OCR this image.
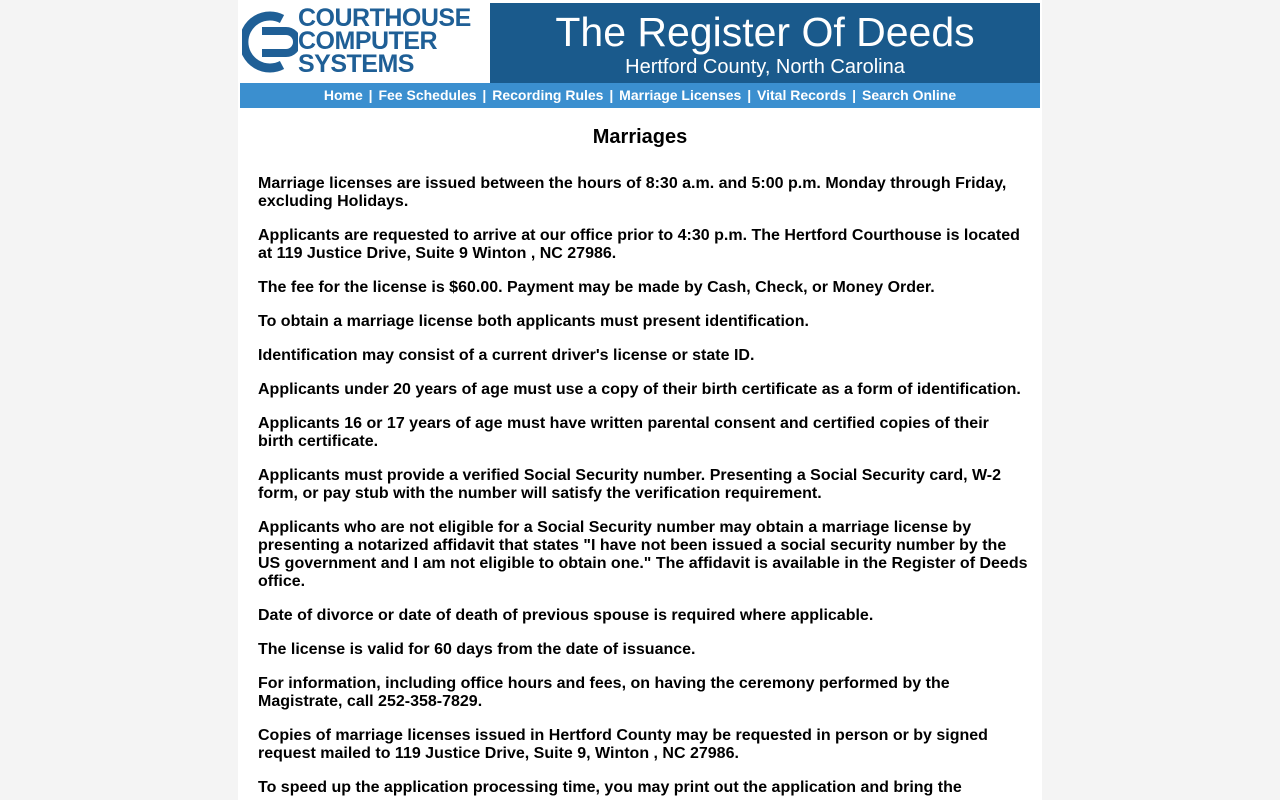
COURTHOUSE
COMPUTER
SYSTEMS
The Register Of Deeds
Hertford County, North Carolina
Home | Fee Schedules | Recording Rules | Marriage Licenses | Vital Records | Search Online
Marriages

Marriage licenses are issued between the hours of 8:30 a.m. and 5:00 p.m. Monday through Friday, excluding Holidays.

Applicants are requested to arrive at our office prior to 4:30 p.m. The Hertford Courthouse is located at 119 Justice Drive, Suite 9 Winton , NC 27986.

The fee for the license is $60.00. Payment may be made by Cash, Check, or Money Order.

To obtain a marriage license both applicants must present identification.

Identification may consist of a current driver's license or state ID.

Applicants under 20 years of age must use a copy of their birth certificate as a form of identification.

Applicants 16 or 17 years of age must have written parental consent and certified copies of their birth certificate.

Applicants must provide a verified Social Security number. Presenting a Social Security card, W-2 form, or pay stub with the number will satisfy the verification requirement.

Applicants who are not eligible for a Social Security number may obtain a marriage license by presenting a notarized affidavit that states "I have not been issued a social security number by the US government and I am not eligible to obtain one." The affidavit is available in the Register of Deeds office.

Date of divorce or date of death of previous spouse is required where applicable.

The license is valid for 60 days from the date of issuance.

For information, including office hours and fees, on having the ceremony performed by the Magistrate, call 252-358-7829.

Copies of marriage licenses issued in Hertford County may be requested in person or by signed request mailed to 119 Justice Drive, Suite 9, Winton , NC 27986.

To speed up the application processing time, you may print out the application and bring the
